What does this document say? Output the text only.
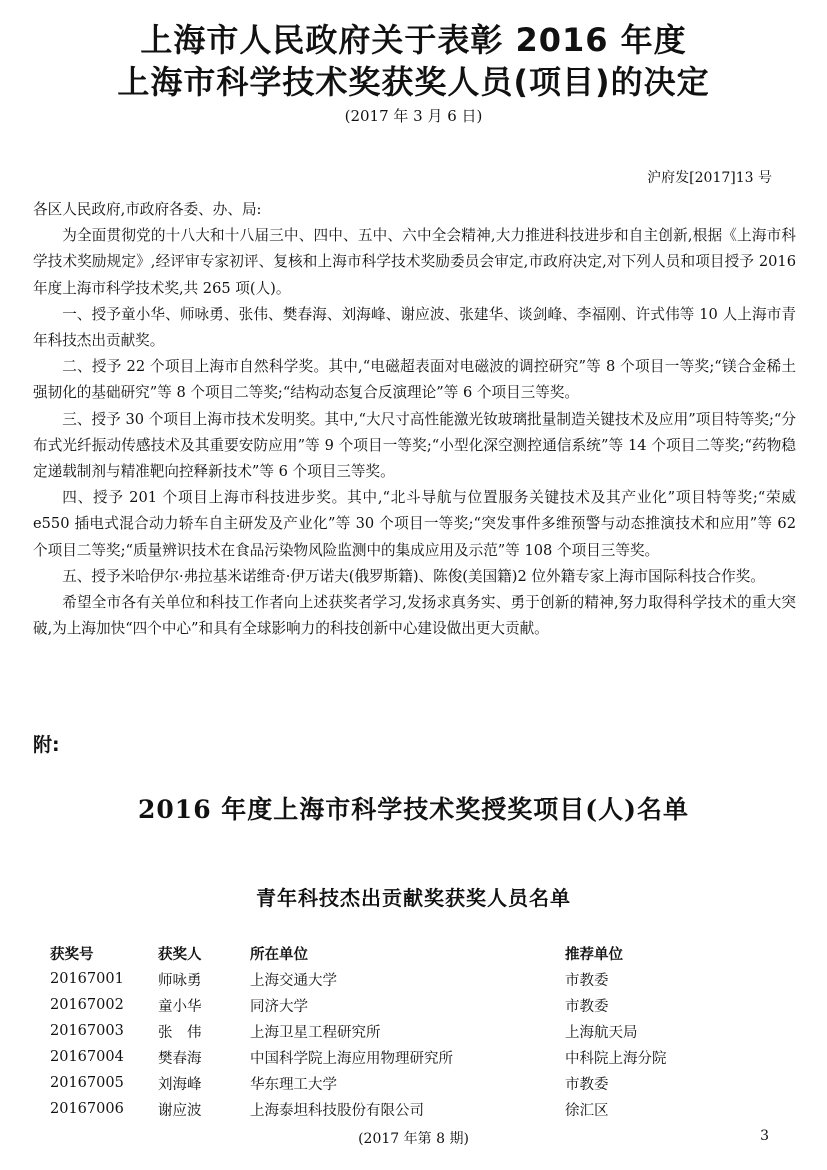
上海市人民政府关于表彰 2016 年度
上海市科学技术奖获奖人员(项目)的决定
(2017 年 3 月 6 日)
沪府发[2017]13 号

各区人民政府,市政府各委、办、局:

为全面贯彻党的十八大和十八届三中、四中、五中、六中全会精神,大力推进科技进步和自主创新,根据《上海市科学技术奖励规定》,经评审专家初评、复核和上海市科学技术奖励委员会审定,市政府决定,对下列人员和项目授予 2016 年度上海市科学技术奖,共 265 项(人)。

一、授予童小华、师咏勇、张伟、樊春海、刘海峰、谢应波、张建华、谈剑峰、李福刚、许式伟等 10 人上海市青年科技杰出贡献奖。

二、授予 22 个项目上海市自然科学奖。其中,“电磁超表面对电磁波的调控研究”等 8 个项目一等奖;“镁合金稀土强韧化的基础研究”等 8 个项目二等奖;“结构动态复合反演理论”等 6 个项目三等奖。

三、授予 30 个项目上海市技术发明奖。其中,“大尺寸高性能激光钕玻璃批量制造关键技术及应用”项目特等奖;“分布式光纤振动传感技术及其重要安防应用”等 9 个项目一等奖;“小型化深空测控通信系统”等 14 个项目二等奖;“药物稳定递载制剂与精准靶向控释新技术”等 6 个项目三等奖。

四、授予 201 个项目上海市科技进步奖。其中,“北斗导航与位置服务关键技术及其产业化”项目特等奖;“荣威 e550 插电式混合动力轿车自主研发及产业化”等 30 个项目一等奖;“突发事件多维预警与动态推演技术和应用”等 62 个项目二等奖;“质量辨识技术在食品污染物风险监测中的集成应用及示范”等 108 个项目三等奖。

五、授予米哈伊尔·弗拉基米诺维奇·伊万诺夫(俄罗斯籍)、陈俊(美国籍)2 位外籍专家上海市国际科技合作奖。

希望全市各有关单位和科技工作者向上述获奖者学习,发扬求真务实、勇于创新的精神,努力取得科学技术的重大突破,为上海加快“四个中心”和具有全球影响力的科技创新中心建设做出更大贡献。

附:
2016 年度上海市科学技术奖授奖项目(人)名单
青年科技杰出贡献奖获奖人员名单
获奖号	获奖人	所在单位	推荐单位
20167001	师咏勇	上海交通大学	市教委
20167002	童小华	同济大学	市教委
20167003	张　伟	上海卫星工程研究所	上海航天局
20167004	樊春海	中国科学院上海应用物理研究所	中科院上海分院
20167005	刘海峰	华东理工大学	市教委
20167006	谢应波	上海泰坦科技股份有限公司	徐汇区
(2017 年第 8 期)	3
